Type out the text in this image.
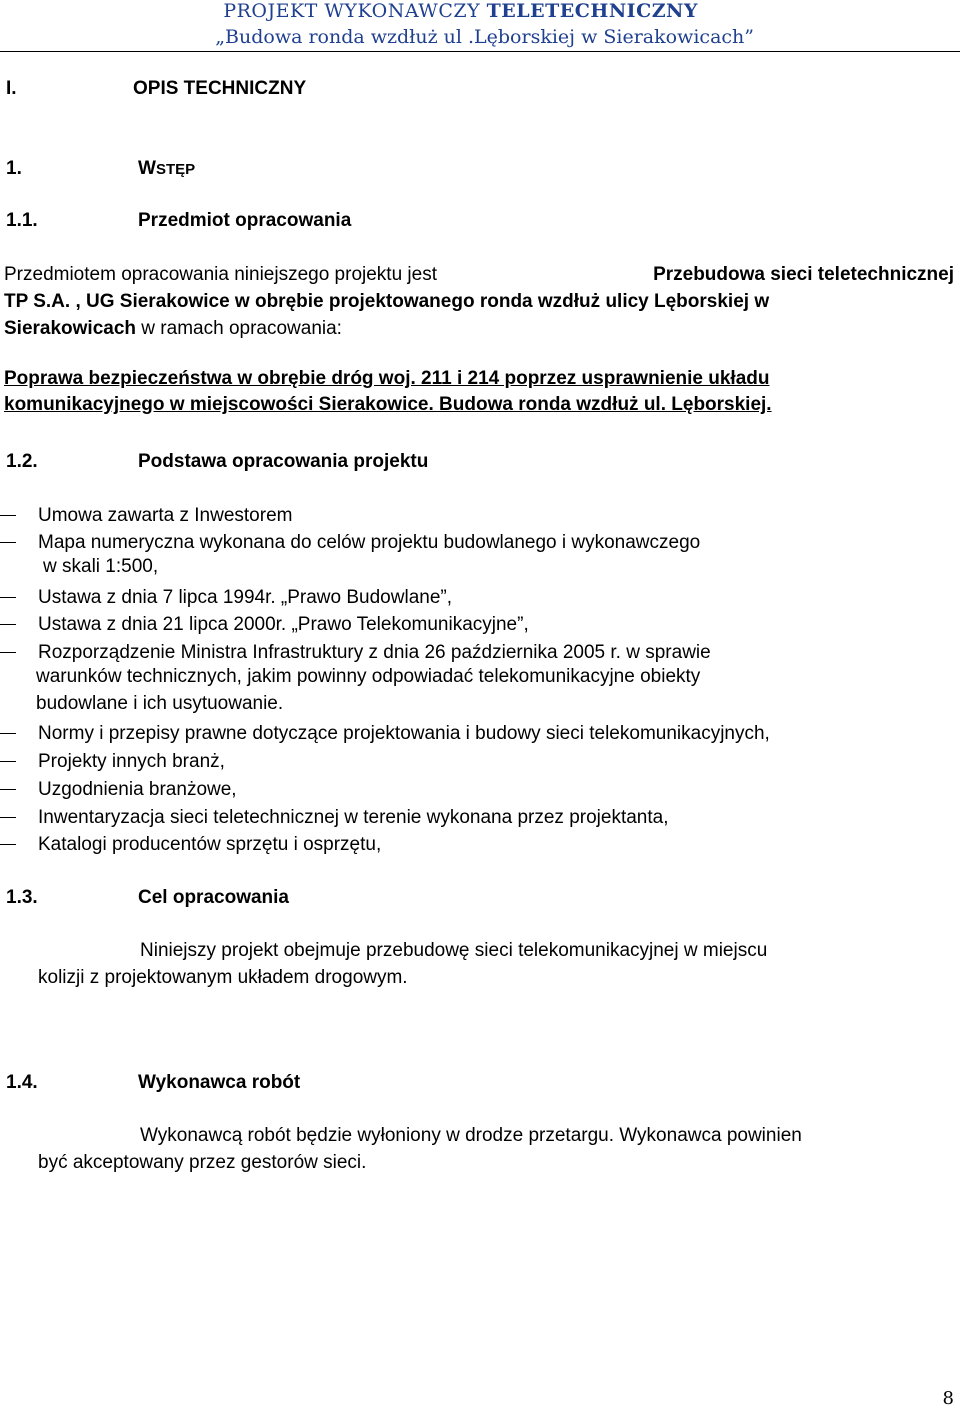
PROJEKT WYKONAWCZY TELETECHNICZNY
„Budowa ronda wzdłuż ul .Lęborskiej w Sierakowicach”
I.	OPIS TECHNICZNY
1.	WSTĘP
1.1.	Przedmiot opracowania
Przedmiotem opracowania niniejszego projektu jest	Przebudowa sieci teletechnicznej
TP S.A. , UG Sierakowice w obrębie projektowanego ronda wzdłuż ulicy Lęborskiej w
Sierakowicach w ramach opracowania:
Poprawa bezpieczeństwa w obrębie dróg woj. 211 i 214 poprzez usprawnienie układu
komunikacyjnego w miejscowości Sierakowice. Budowa ronda wzdłuż ul. Lęborskiej.
1.2.	Podstawa opracowania projektu
Umowa zawarta z Inwestorem
Mapa numeryczna wykonana do celów projektu budowlanego i wykonawczego
w skali 1:500,
Ustawa z dnia 7 lipca 1994r. „Prawo Budowlane”,
Ustawa z dnia 21 lipca 2000r. „Prawo Telekomunikacyjne”,
Rozporządzenie Ministra Infrastruktury z dnia 26 października 2005 r. w sprawie
warunków technicznych, jakim powinny odpowiadać telekomunikacyjne obiekty
budowlane i ich usytuowanie.
Normy i przepisy prawne dotyczące projektowania i budowy sieci telekomunikacyjnych,
Projekty innych branż,
Uzgodnienia branżowe,
Inwentaryzacja sieci teletechnicznej w terenie wykonana przez projektanta,
Katalogi producentów sprzętu i osprzętu,
1.3.	Cel opracowania
Niniejszy projekt obejmuje przebudowę sieci telekomunikacyjnej w miejscu
kolizji z projektowanym układem drogowym.
1.4.	Wykonawca robót
Wykonawcą robót będzie wyłoniony w drodze przetargu. Wykonawca powinien
być akceptowany przez gestorów sieci.
8
